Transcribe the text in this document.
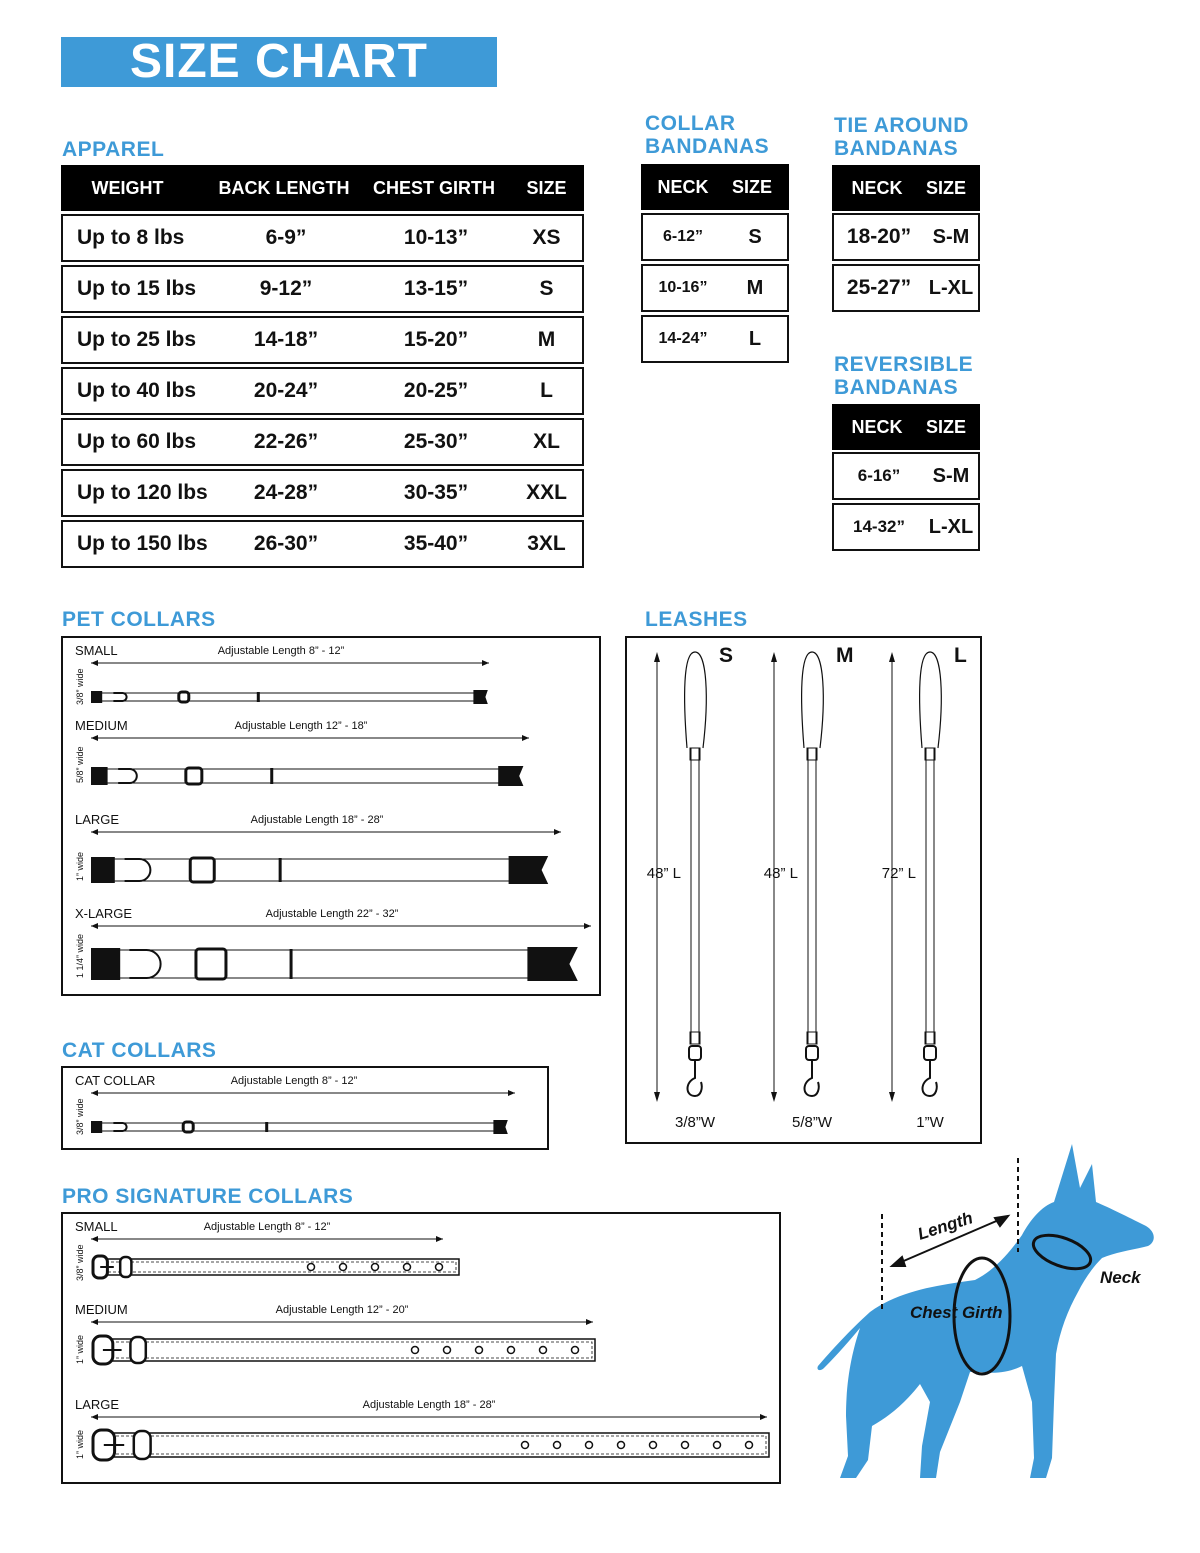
SIZE CHART
APPAREL
WEIGHT	BACK LENGTH	CHEST GIRTH	SIZE
Up to 8 lbs	6-9”	10-13”	XS
Up to 15 lbs	9-12”	13-15”	S
Up to 25 lbs	14-18”	15-20”	M
Up to 40 lbs	20-24”	20-25”	L
Up to 60 lbs	22-26”	25-30”	XL
Up to 120 lbs	24-28”	30-35”	XXL
Up to 150 lbs	26-30”	35-40”	3XL
COLLAR
BANDANAS
NECK	SIZE
6-12”	S
10-16”	M
14-24”	L
TIE AROUND
BANDANAS
NECK	SIZE
18-20”	S-M
25-27” L-XL
REVERSIBLE
BANDANAS
NECK	SIZE
6-16”	S-M
14-32”	L-XL
PET COLLARS
SMALL	Adjustable Length 8” - 12”
3/8” wide
MEDIUM	Adjustable Length 12” - 18”
5/8” wide
LARGE	Adjustable Length 18” - 28”
1” wide
X-LARGE	Adjustable Length 22” - 32”
1 1/4” wide
CAT COLLARS
CAT COLLAR	Adjustable Length 8” - 12”
3/8” wide
PRO SIGNATURE COLLARS
SMALL	Adjustable Length 8” - 12”
3/8” wide
MEDIUM	Adjustable Length 12” - 20”
1” wide
LARGE	Adjustable Length 18” - 28”
1” wide
LEASHES
S
48” L
3/8”W
M
48” L
5/8”W
L
72” L
1”W
Length
Neck
Chest Girth
